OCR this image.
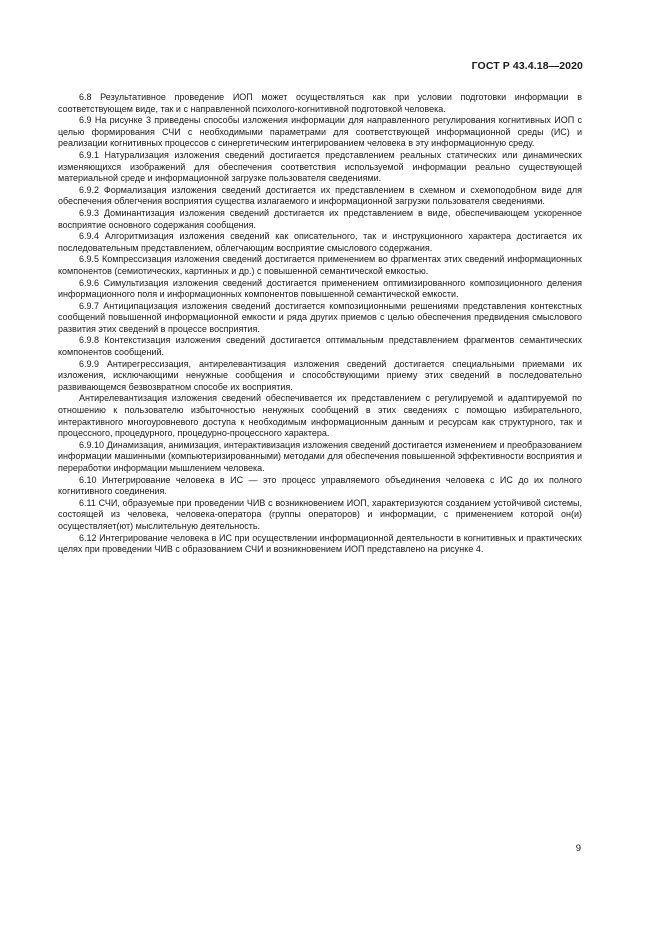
ГОСТ Р 43.4.18—2020

6.8 Результативное проведение ИОП может осуществляться как при условии подготовки информации в соответствующем виде, так и с направленной психолого-когнитивной подготовкой человека.

6.9 На рисунке 3 приведены способы изложения информации для направленного регулирования когнитивных ИОП с целью формирования СЧИ с необходимыми параметрами для соответствующей информационной среды (ИС) и реализации когнитивных процессов с синергетическим интегрированием человека в эту информационную среду.

6.9.1 Натурализация изложения сведений достигается представлением реальных статических или динамических изменяющихся изображений для обеспечения соответствия используемой информации реально существующей материальной среде и информационной загрузке пользователя сведениями.

6.9.2 Формализация изложения сведений достигается их представлением в схемном и схемоподобном виде для обеспечения облегчения восприятия существа излагаемого и информационной загрузки пользователя сведениями.

6.9.3 Доминантизация изложения сведений достигается их представлением в виде, обеспечивающем ускоренное восприятие основного содержания сообщения.

6.9.4 Алгоритмизация изложения сведений как описательного, так и инструкционного характера достигается их последовательным представлением, облегчающим восприятие смыслового содержания.

6.9.5 Компрессизация изложения сведений достигается применением во фрагментах этих сведений информационных компонентов (семиотических, картинных и др.) с повышенной семантической емкостью.

6.9.6 Симультизация изложения сведений достигается применением оптимизированного композиционного деления информационного поля и информационных компонентов повышенной семантической емкости.

6.9.7 Антиципацизация изложения сведений достигается композиционными решениями представления контекстных сообщений повышенной информационной емкости и ряда других приемов с целью обеспечения предвидения смыслового развития этих сведений в процессе восприятия.

6.9.8 Контекстизация изложения сведений достигается оптимальным представлением фрагментов семантических компонентов сообщений.

6.9.9 Антирегрессизация, антирелевантизация изложения сведений достигается специальными приемами их изложения, исключающими ненужные сообщения и способствующими приему этих сведений в последовательно развивающемся безвозвратном способе их восприятия.

Антирелевантизация изложения сведений обеспечивается их представлением с регулируемой и адаптируемой по отношению к пользователю избыточностью ненужных сообщений в этих сведениях с помощью избирательного, интерактивного многоуровневого доступа к необходимым информационным данным и ресурсам как структурного, так и процессного, процедурного, процедурно-процессного характера.

6.9.10 Динамизация, анимизация, интерактивизация изложения сведений достигается изменением и преобразованием информации машинными (компьютеризированными) методами для обеспечения повышенной эффективности восприятия и переработки информации мышлением человека.

6.10 Интегрирование человека в ИС — это процесс управляемого объединения человека с ИС до их полного когнитивного соединения.

6.11 СЧИ, образуемые при проведении ЧИВ с возникновением ИОП, характеризуются созданием устойчивой системы, состоящей из человека, человека-оператора (группы операторов) и информации, с применением которой он(и) осуществляет(ют) мыслительную деятельность.

6.12 Интегрирование человека в ИС при осуществлении информационной деятельности в когнитивных и практических целях при проведении ЧИВ с образованием СЧИ и возникновением ИОП представлено на рисунке 4.

9
